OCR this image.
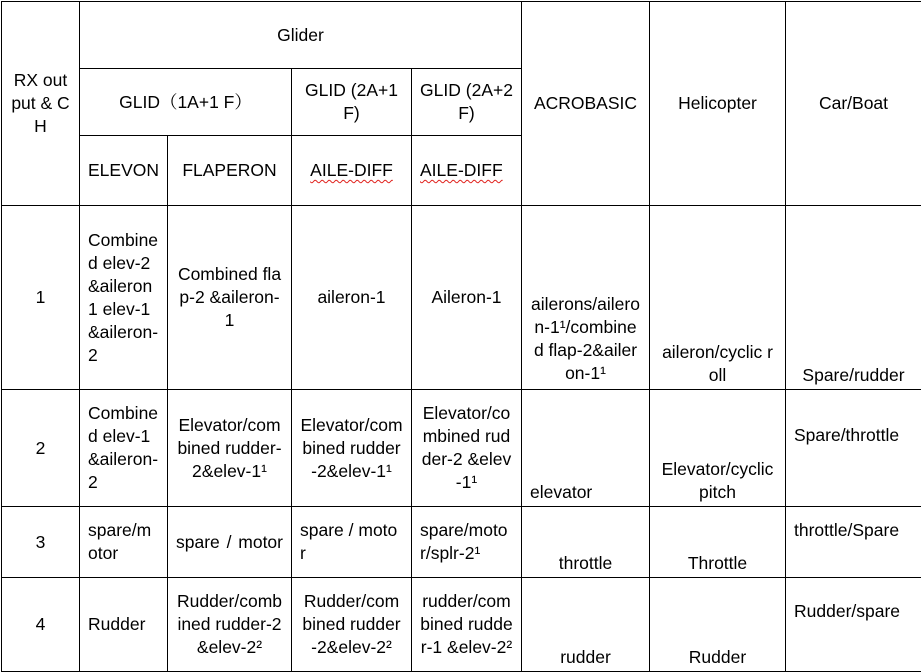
RX output & CH	Glider				ACROBASIC	Helicopter	Car/Boat
	GLID（1A+1 F）		GLID (2A+1F)	GLID (2A+2F)			
	ELEVON	FLAPERON	AILE-DIFF	AILE-DIFF			
1	Combined elev-2 &aileron1 elev-1 &aileron-2	Combined flap-2 &aileron-1	aileron-1	Aileron-1	ailerons/aileron-1¹/combined flap-2&aileron-1¹	aileron/cyclic roll	Spare/rudder
2	Combined elev-1 &aileron-2	Elevator/combined rudder-2&elev-1¹	Elevator/combined rudder-2&elev-1¹	Elevator/combined rudder-2 &elev-1¹	elevator	Elevator/cyclic pitch	Spare/throttle
3	spare/motor	spare / motor	spare / motor	spare/motor/splr-2¹	throttle	Throttle	throttle/Spare
4	Rudder	Rudder/combined rudder-2&elev-2²	Rudder/combined rudder-2&elev-2²	rudder/combined rudder-1 &elev-2²	rudder	Rudder	Rudder/spare
